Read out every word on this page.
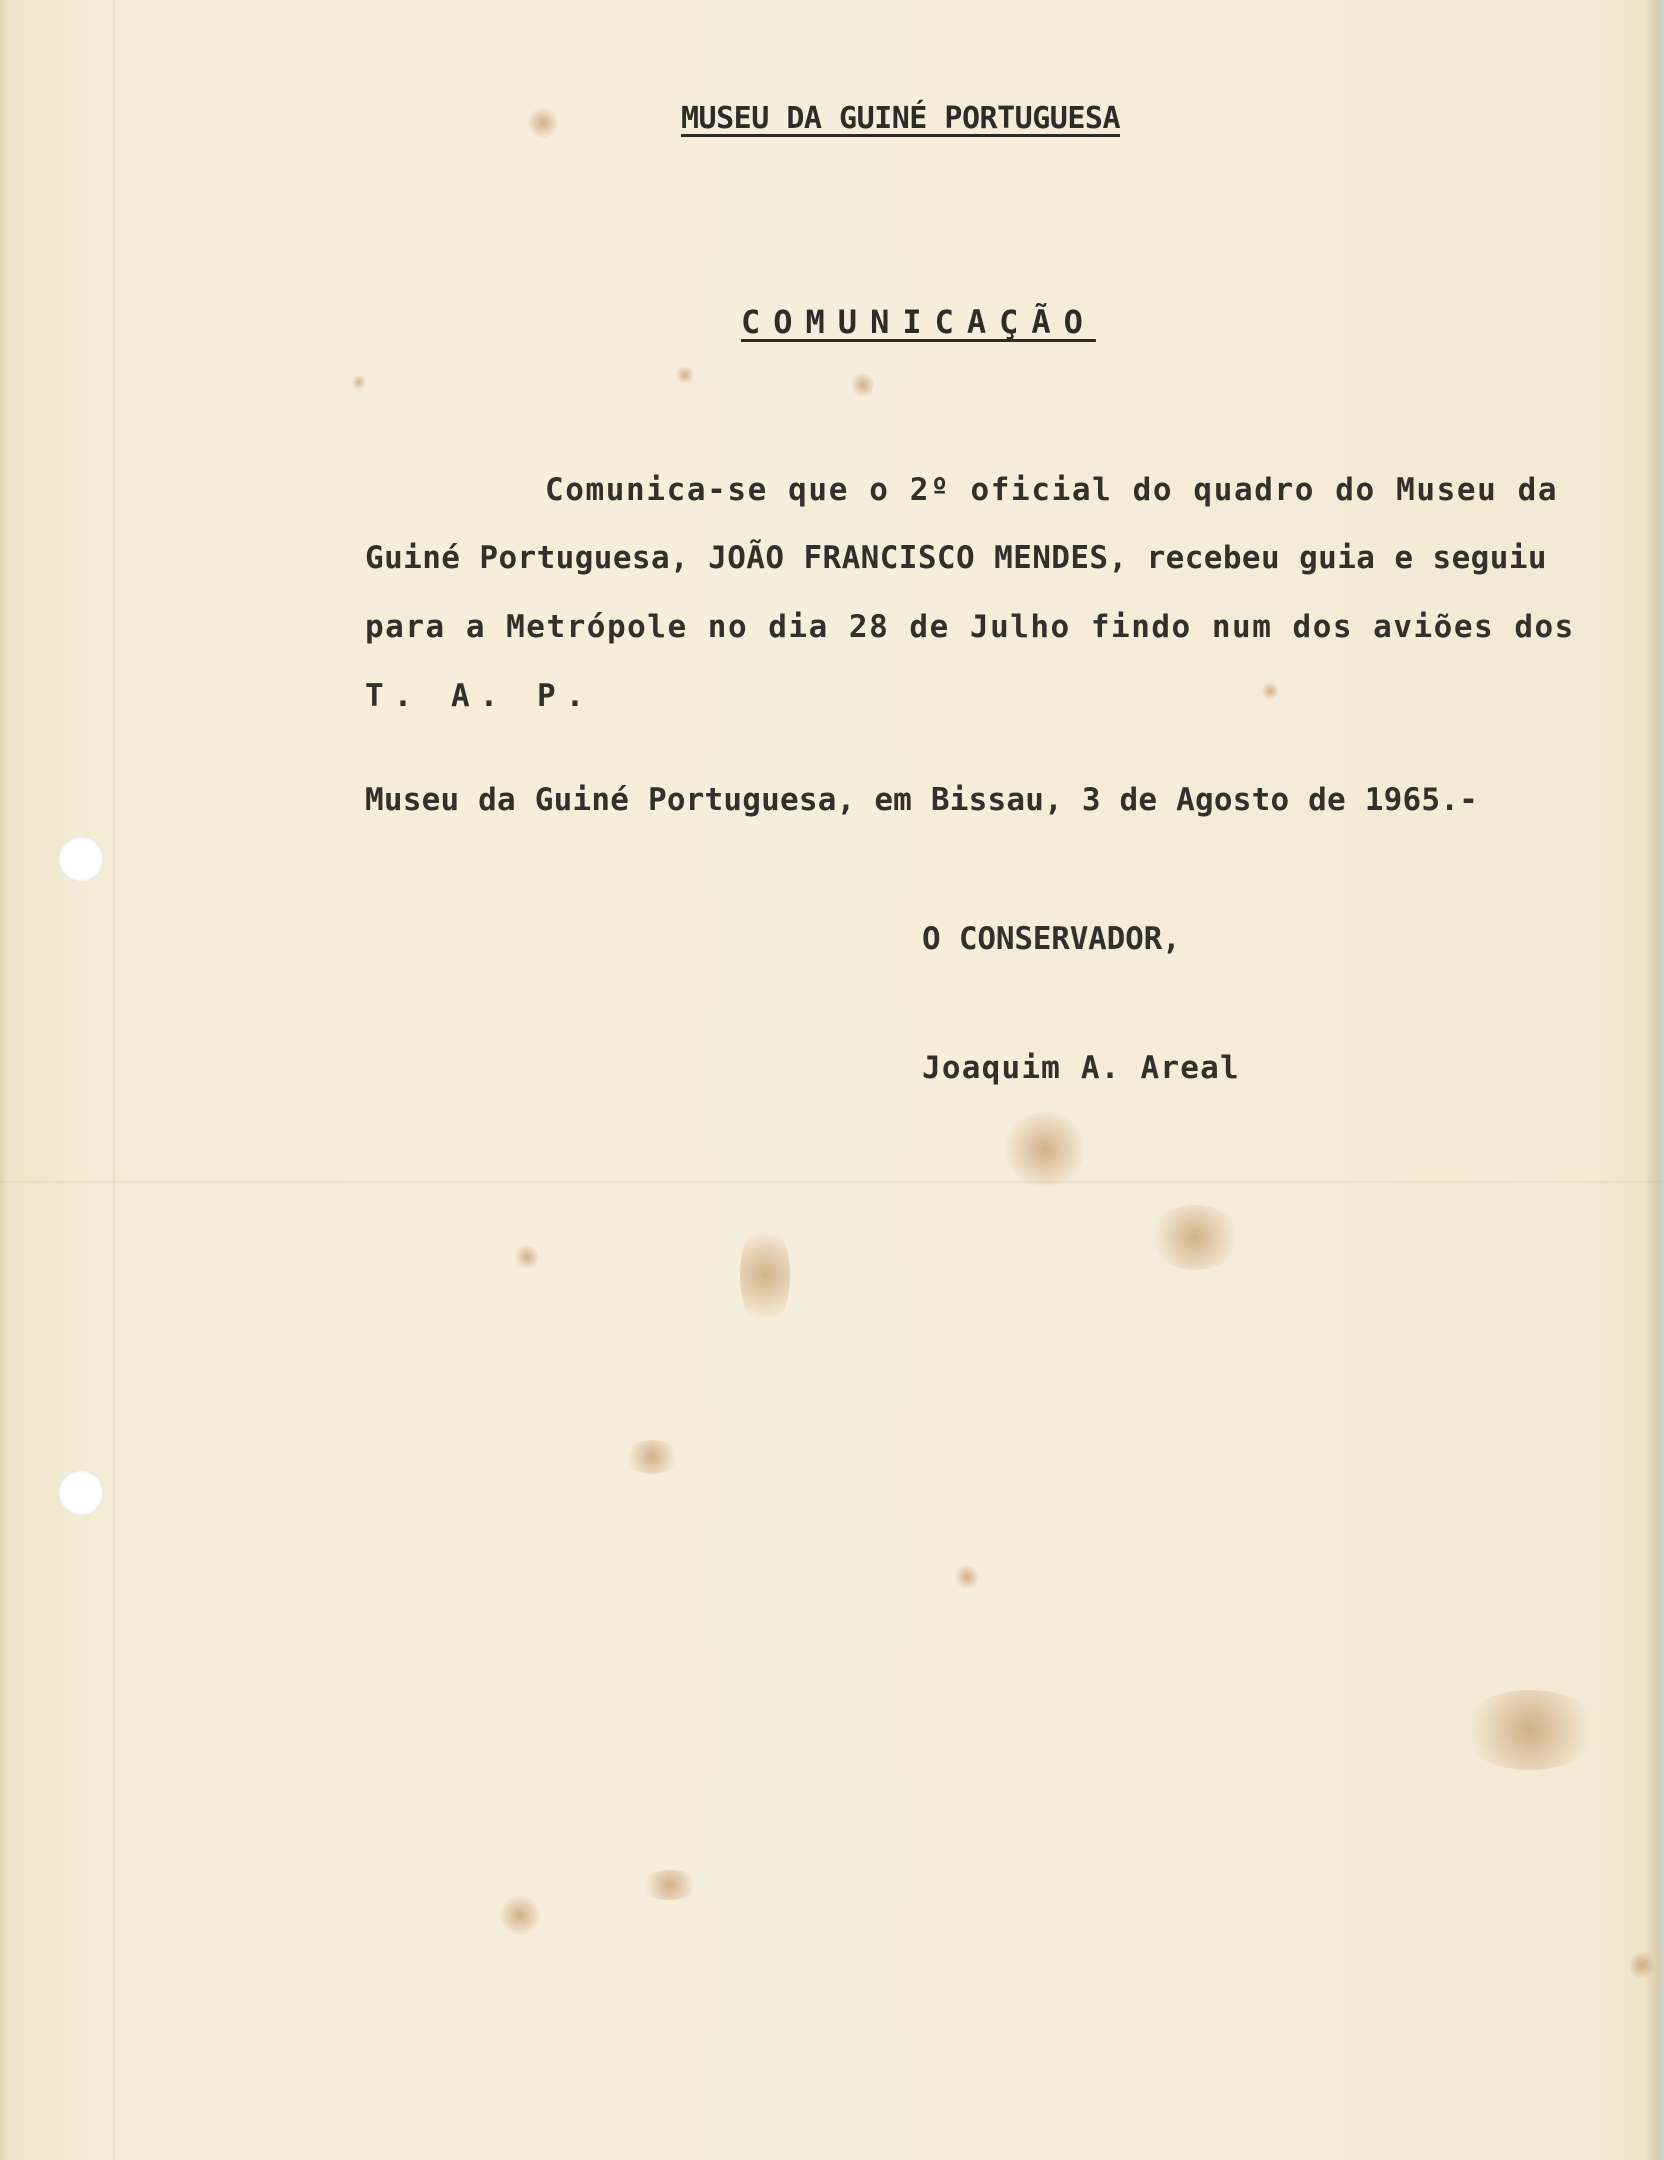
MUSEU DA GUINÉ PORTUGUESA

COMUNICAÇÃO

Comunica-se que o 2º oficial do quadro do Museu da

Guiné Portuguesa, JOÃO FRANCISCO MENDES, recebeu guia e seguiu

para a Metrópole no dia 28 de Julho findo num dos aviões dos

T. A. P.

Museu da Guiné Portuguesa, em Bissau, 3 de Agosto de 1965.-

O CONSERVADOR,

Joaquim A. Areal
